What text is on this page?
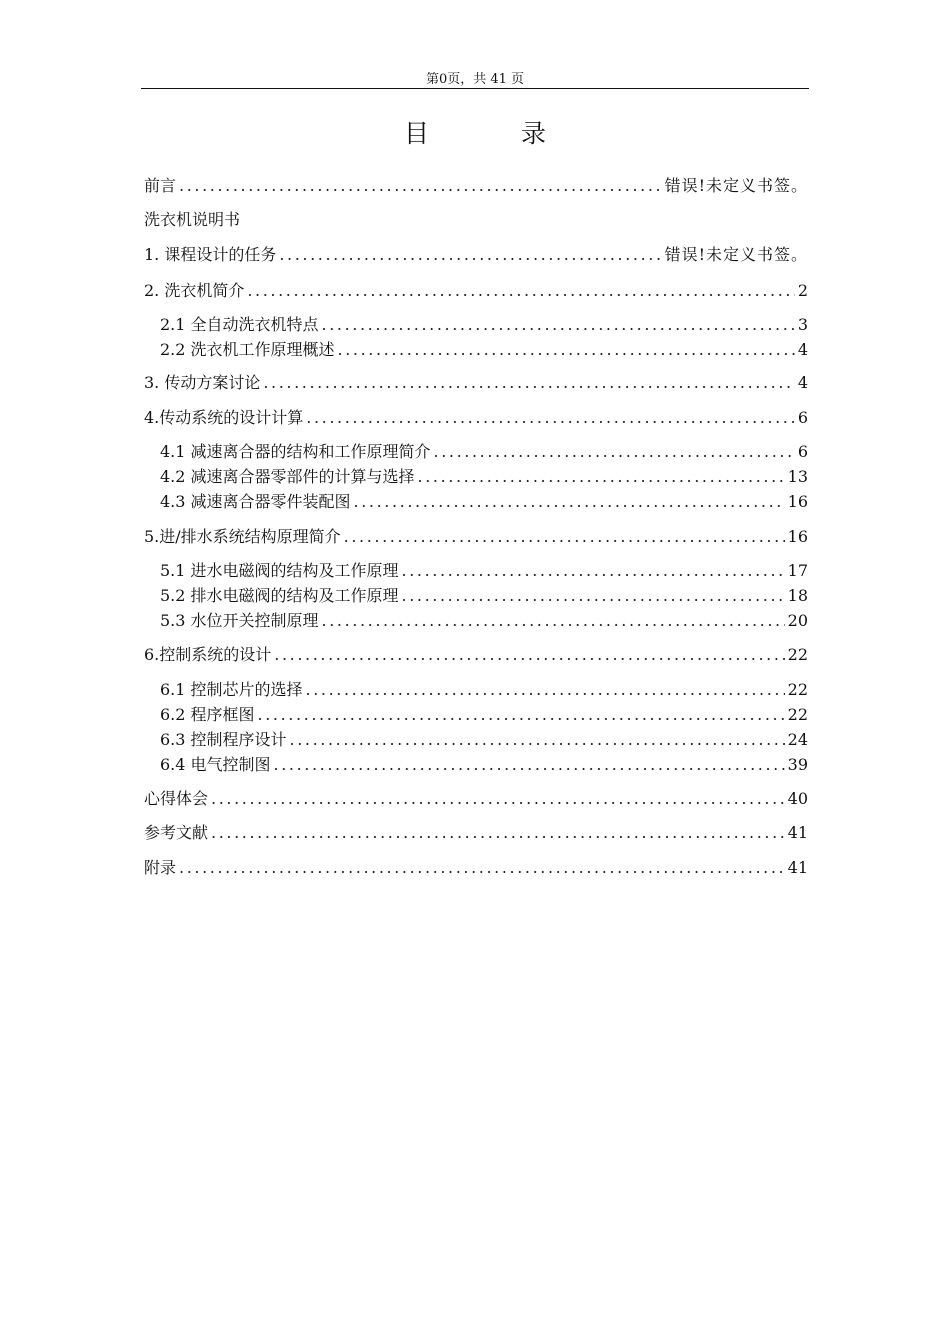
第0页，共 41 页
目 录
前言 .....	错误!未定义书签。
洗衣机说明书
1. 课程设计的任务 .....	错误!未定义书签。
2. 洗衣机简介 .....	2
2.1 全自动洗衣机特点 .....	3
2.2 洗衣机工作原理概述 .....	4
3. 传动方案讨论 .....	4
4.传动系统的设计计算 .....	6
4.1 减速离合器的结构和工作原理简介 .....	6
4.2 减速离合器零部件的计算与选择 .....	13
4.3 减速离合器零件装配图 .....	16
5.进/排水系统结构原理简介 .....	16
5.1 进水电磁阀的结构及工作原理 .....	17
5.2 排水电磁阀的结构及工作原理 .....	18
5.3 水位开关控制原理 .....	20
6.控制系统的设计 .....	22
6.1 控制芯片的选择 .....	22
6.2 程序框图 .....	22
6.3 控制程序设计 .....	24
6.4 电气控制图 .....	39
心得体会 .....	40
参考文献 .....	41
附录 .....	41
